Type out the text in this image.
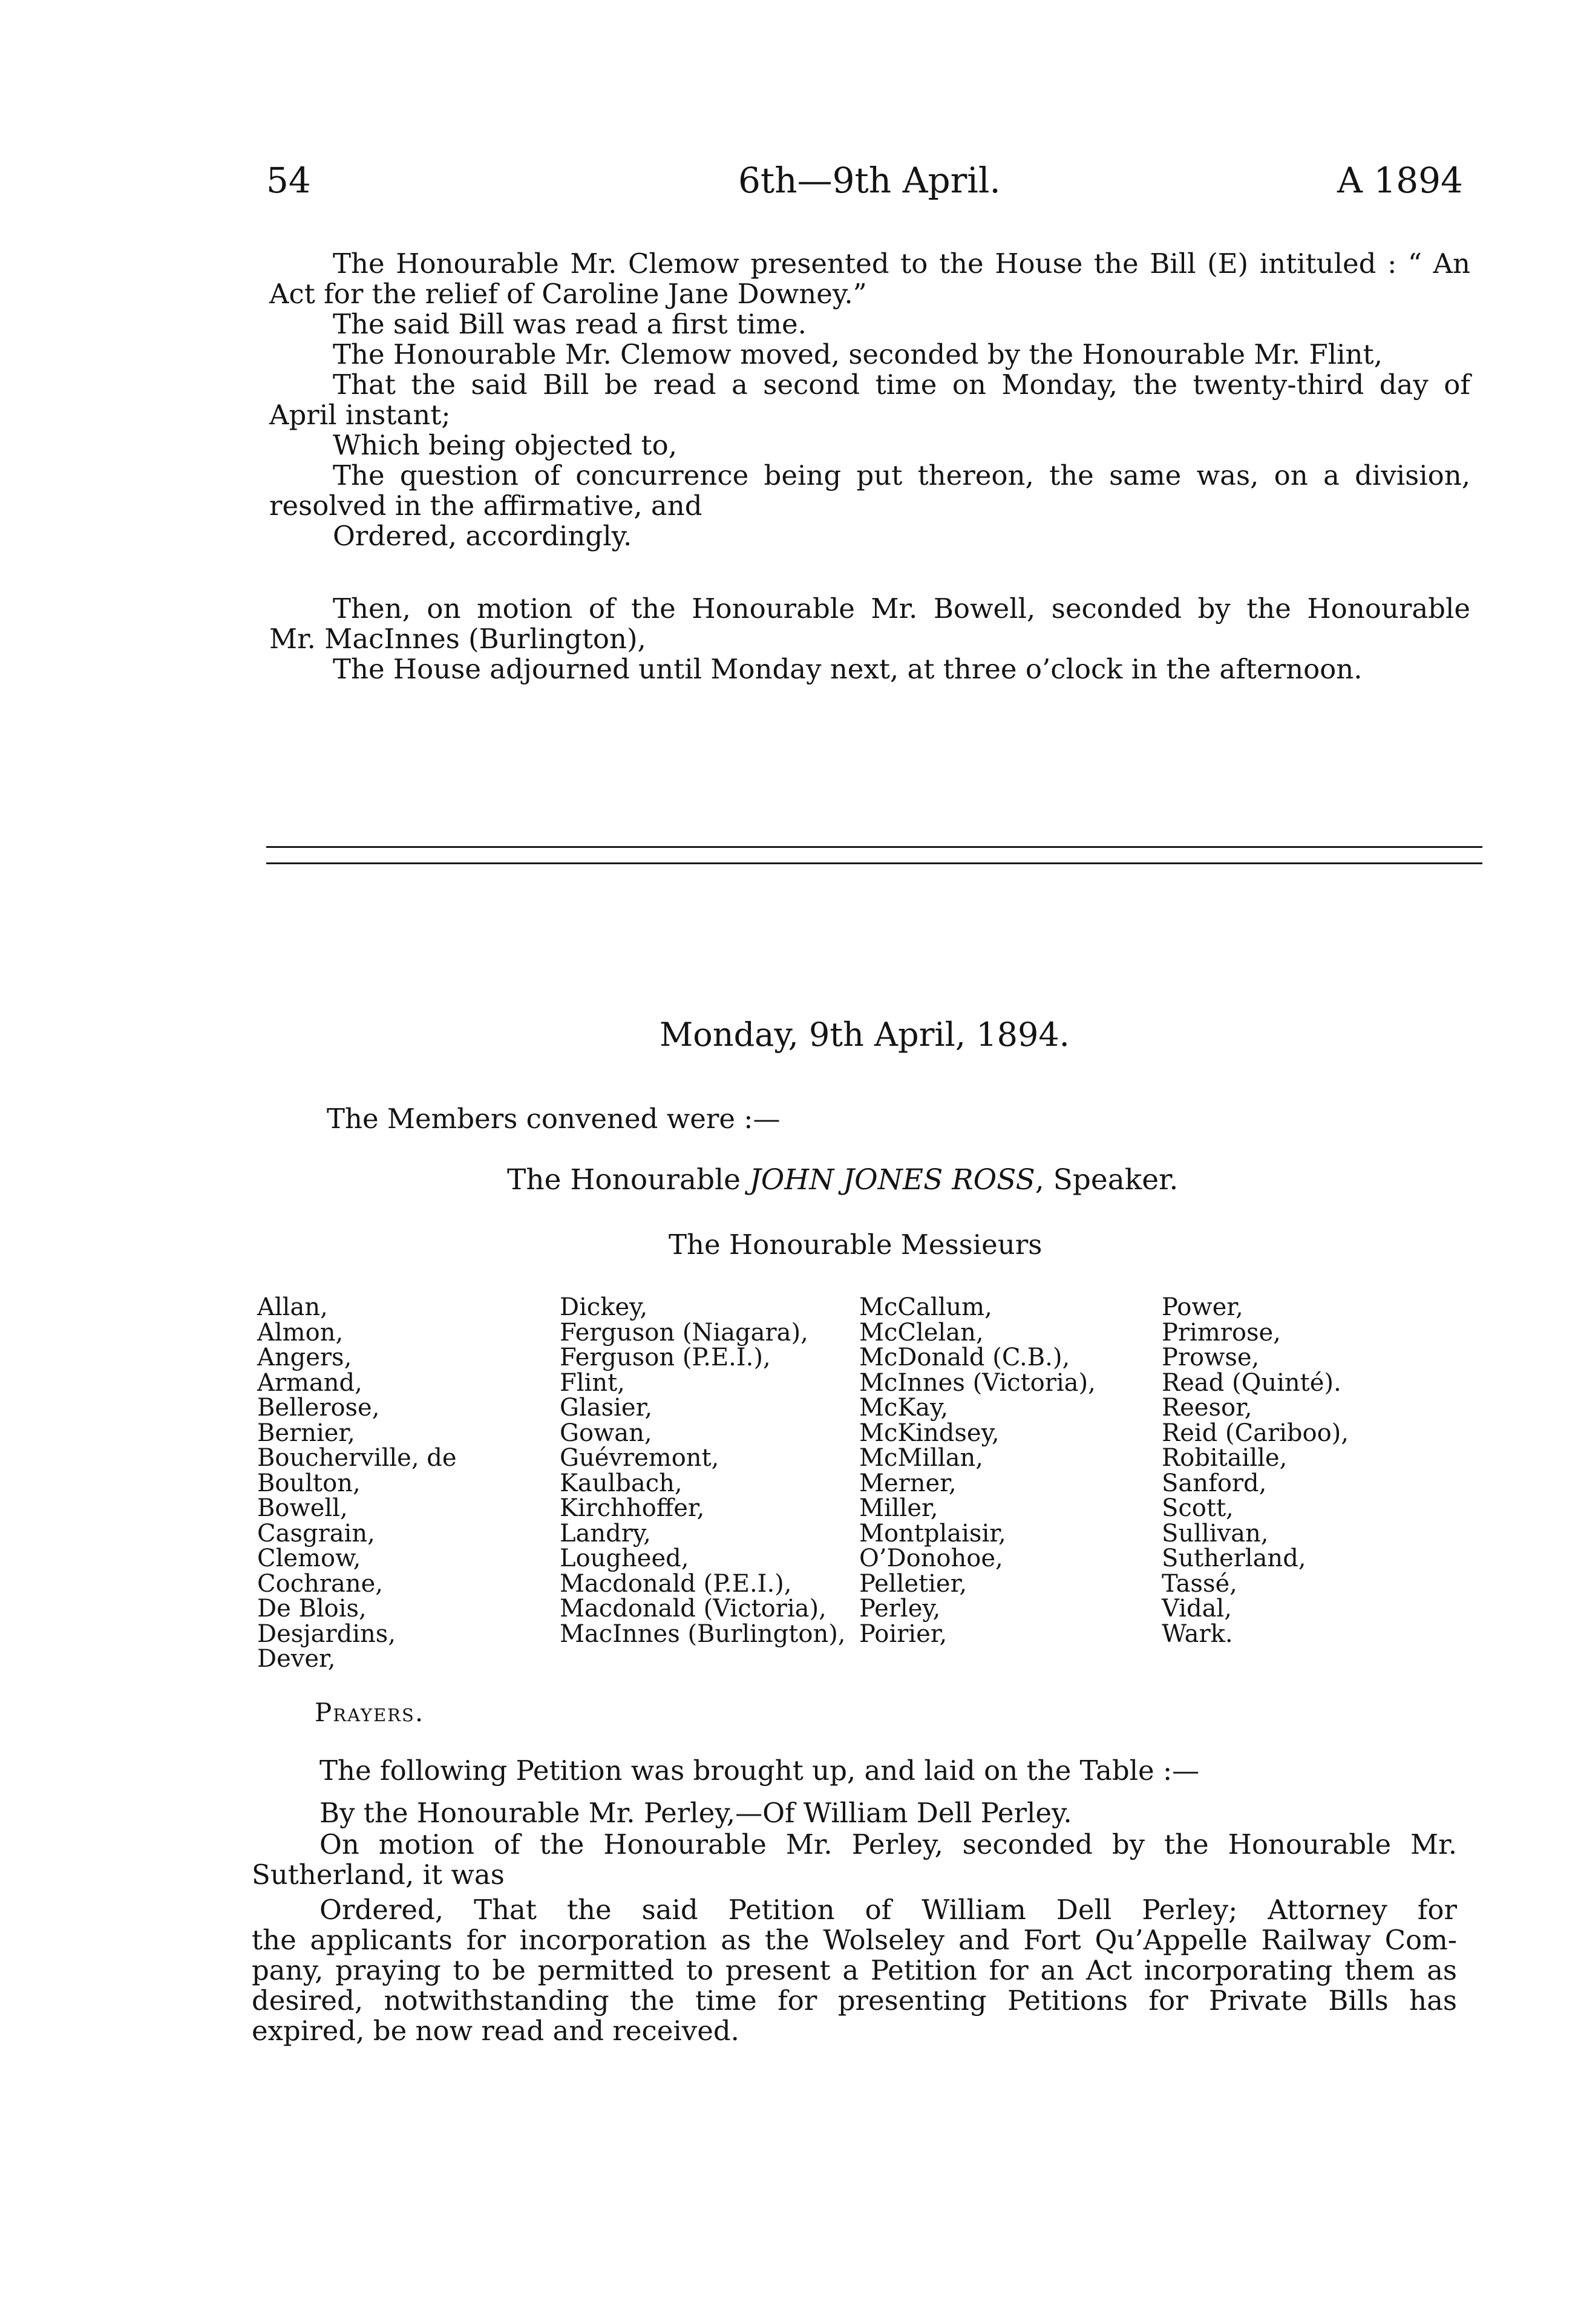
54	6th—9th April.	A 1894
The Honourable Mr. Clemow presented to the House the Bill (E) intituled : “ An
Act for the relief of Caroline Jane Downey.”
The said Bill was read a first time.
The Honourable Mr. Clemow moved, seconded by the Honourable Mr. Flint,
That the said Bill be read a second time on Monday, the twenty-third day of
April instant;
Which being objected to,
The question of concurrence being put thereon, the same was, on a division,
resolved in the affirmative, and
Ordered, accordingly.
Then, on motion of the Honourable Mr. Bowell, seconded by the Honourable
Mr. MacInnes (Burlington),
The House adjourned until Monday next, at three o’clock in the afternoon.
Monday, 9th April, 1894.
The Members convened were :—
The Honourable JOHN JONES ROSS, Speaker.
The Honourable Messieurs
Allan,
Almon,
Angers,
Armand,
Bellerose,
Bernier,
Boucherville, de
Boulton,
Bowell,
Casgrain,
Clemow,
Cochrane,
De Blois,
Desjardins,
Dever,
Dickey,
Ferguson (Niagara),
Ferguson (P.E.I.),
Flint,
Glasier,
Gowan,
Guévremont,
Kaulbach,
Kirchhoffer,
Landry,
Lougheed,
Macdonald (P.E.I.),
Macdonald (Victoria),
MacInnes (Burlington),
McCallum,
McClelan,
McDonald (C.B.),
McInnes (Victoria),
McKay,
McKindsey,
McMillan,
Merner,
Miller,
Montplaisir,
O’Donohoe,
Pelletier,
Perley,
Poirier,
Power,
Primrose,
Prowse,
Read (Quinté).
Reesor,
Reid (Cariboo),
Robitaille,
Sanford,
Scott,
Sullivan,
Sutherland,
Tassé,
Vidal,
Wark.
Prayers.
The following Petition was brought up, and laid on the Table :—
By the Honourable Mr. Perley,—Of William Dell Perley.
On motion of the Honourable Mr. Perley, seconded by the Honourable Mr.
Sutherland, it was
Ordered, That the said Petition of William Dell Perley; Attorney for
the applicants for incorporation as the Wolseley and Fort Qu’Appelle Railway Com-
pany, praying to be permitted to present a Petition for an Act incorporating them as
desired, notwithstanding the time for presenting Petitions for Private Bills has
expired, be now read and received.
